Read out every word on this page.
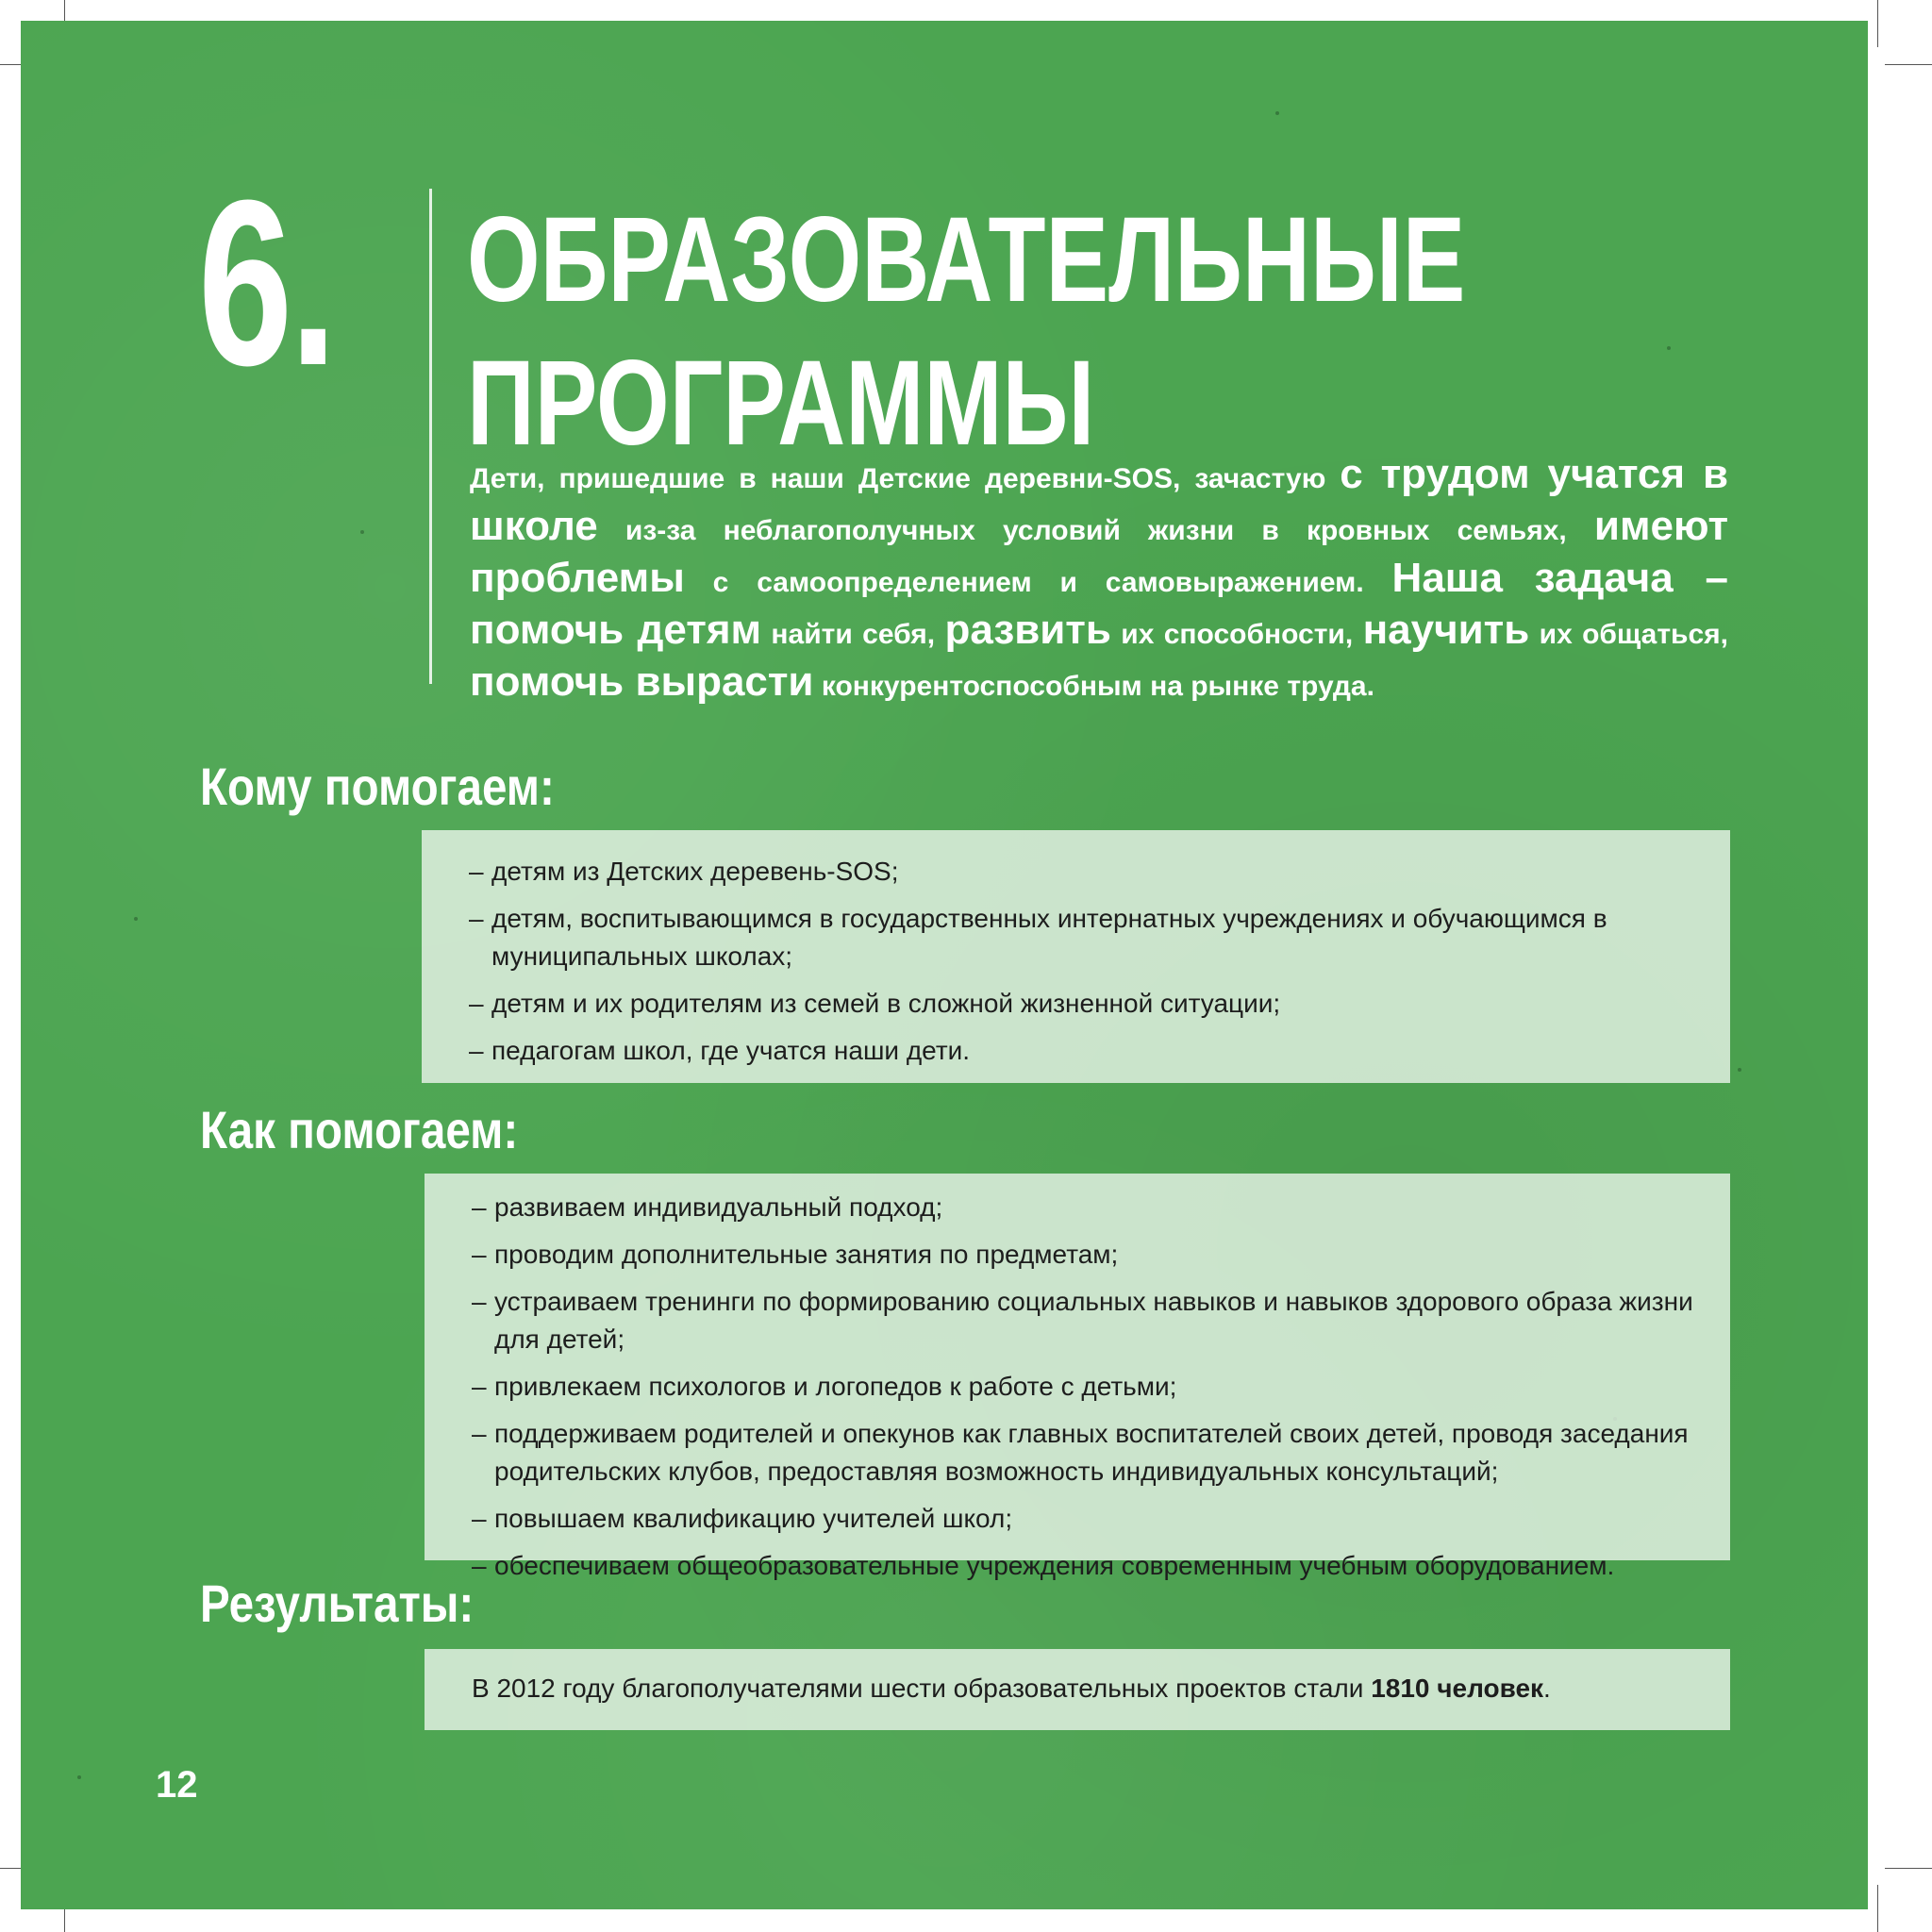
6. ОБРАЗОВАТЕЛЬНЫЕ
ПРОГРАММЫ
Дети, пришедшие в наши Детские деревни-SOS, зачастую с трудом учатся в школе из-за неблагополучных условий жизни в кровных семьях, имеют проблемы с самоопределением и самовыражением. Наша задача – помочь детям найти себя, развить их способности, научить их общаться, помочь вырасти конкурентоспособным на рынке труда.
Кому помогаем:
– детям из Детских деревень-SOS;
– детям, воспитывающимся в государственных интернатных учреждениях и обучающимся в муниципальных школах;
– детям и их родителям из семей в сложной жизненной ситуации;
– педагогам школ, где учатся наши дети.
Как помогаем:
– развиваем индивидуальный подход;
– проводим дополнительные занятия по предметам;
– устраиваем тренинги по формированию социальных навыков и навыков здорового образа жизни для детей;
– привлекаем психологов и логопедов к работе с детьми;
– поддерживаем родителей и опекунов как главных воспитателей своих детей, проводя заседания родительских клубов, предоставляя возможность индивидуальных консультаций;
– повышаем квалификацию учителей школ;
– обеспечиваем общеобразовательные учреждения современным учебным оборудованием.
Результаты:
В 2012 году благополучателями шести образовательных проектов стали 1810 человек.
12
